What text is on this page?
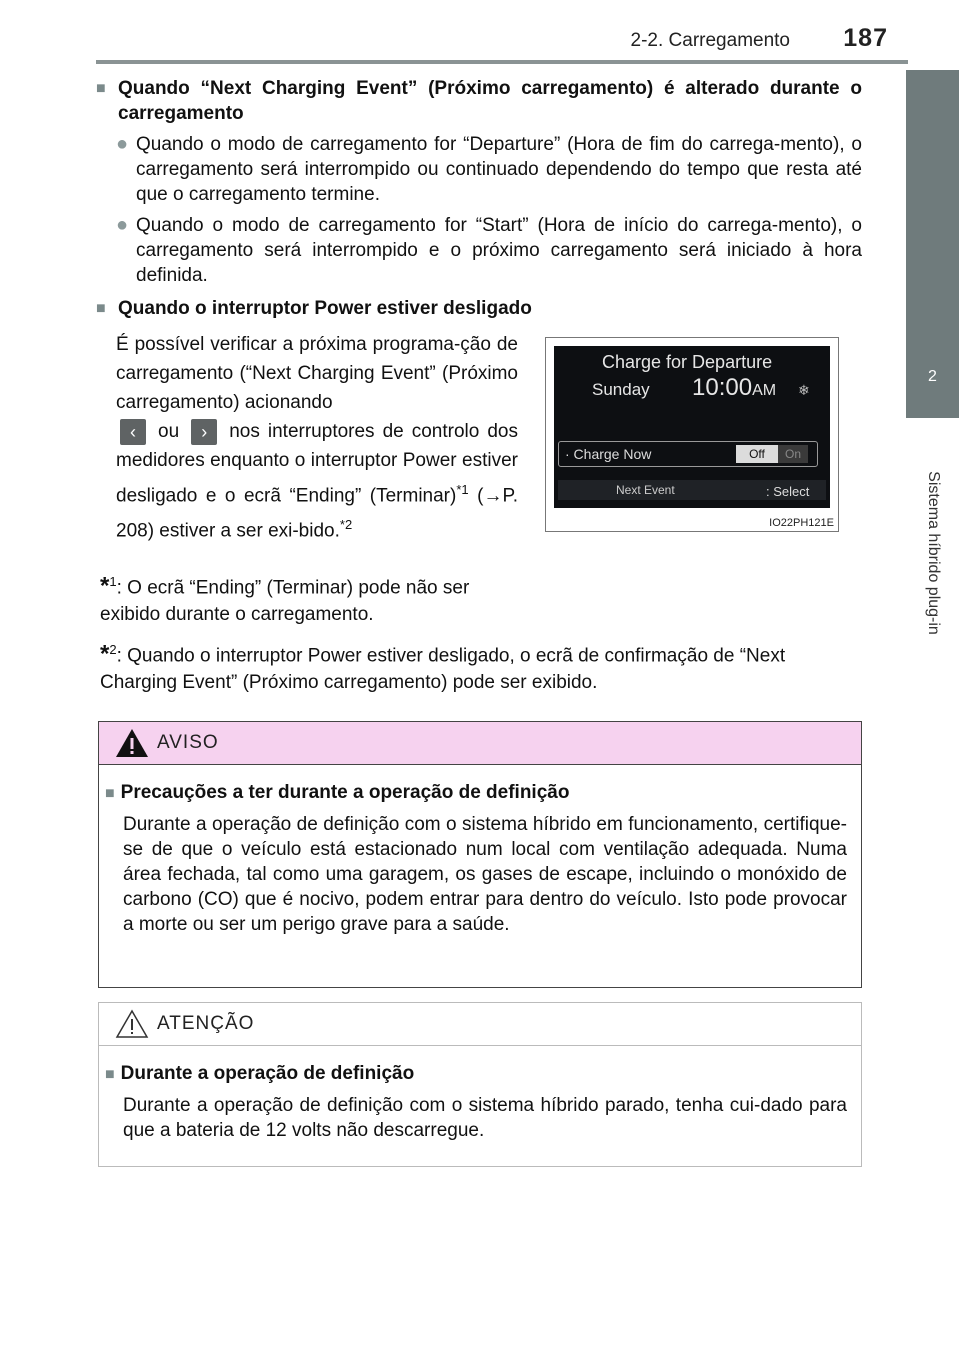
2-2. Carregamento 187
2
Sistema híbrido plug-in
■ Quando “Next Charging Event” (Próximo carregamento) é alterado durante o carregamento
● Quando o modo de carregamento for “Departure” (Hora de fim do carrega-mento), o carregamento será interrompido ou continuado dependendo do tempo que resta até que o carregamento termine.
● Quando o modo de carregamento for “Start” (Hora de início do carrega-mento), o carregamento será interrompido e o próximo carregamento será iniciado à hora definida.
■ Quando o interruptor Power estiver desligado
É possível verificar a próxima programa-ção de carregamento (“Next Charging Event” (Próximo carregamento) acionando
‹ ou › nos interruptores de controlo dos medidores enquanto o interruptor Power estiver desligado e o ecrã “Ending” (Terminar)$^{*1}$ (→P. 208) estiver a ser exi-bido.$^{*2}$
*$^1$: O ecrã “Ending” (Terminar) pode não ser exibido durante o carregamento.
*$^2$: Quando o interruptor Power estiver desligado, o ecrã de confirmação de “Next Charging Event” (Próximo carregamento) pode ser exibido.
Charge for Departure
Sunday 10:00AM ❄
· Charge Now	Off	On
Next Event	: Select
IO22PH121E
AVISO
■ Precauções a ter durante a operação de definição
Durante a operação de definição com o sistema híbrido em funcionamento, certifique-se de que o veículo está estacionado num local com ventilação adequada. Numa área fechada, tal como uma garagem, os gases de escape, incluindo o monóxido de carbono (CO) que é nocivo, podem entrar para dentro do veículo. Isto pode provocar a morte ou ser um perigo grave para a saúde.
ATENÇÃO
■ Durante a operação de definição
Durante a operação de definição com o sistema híbrido parado, tenha cui-dado para que a bateria de 12 volts não descarregue.
